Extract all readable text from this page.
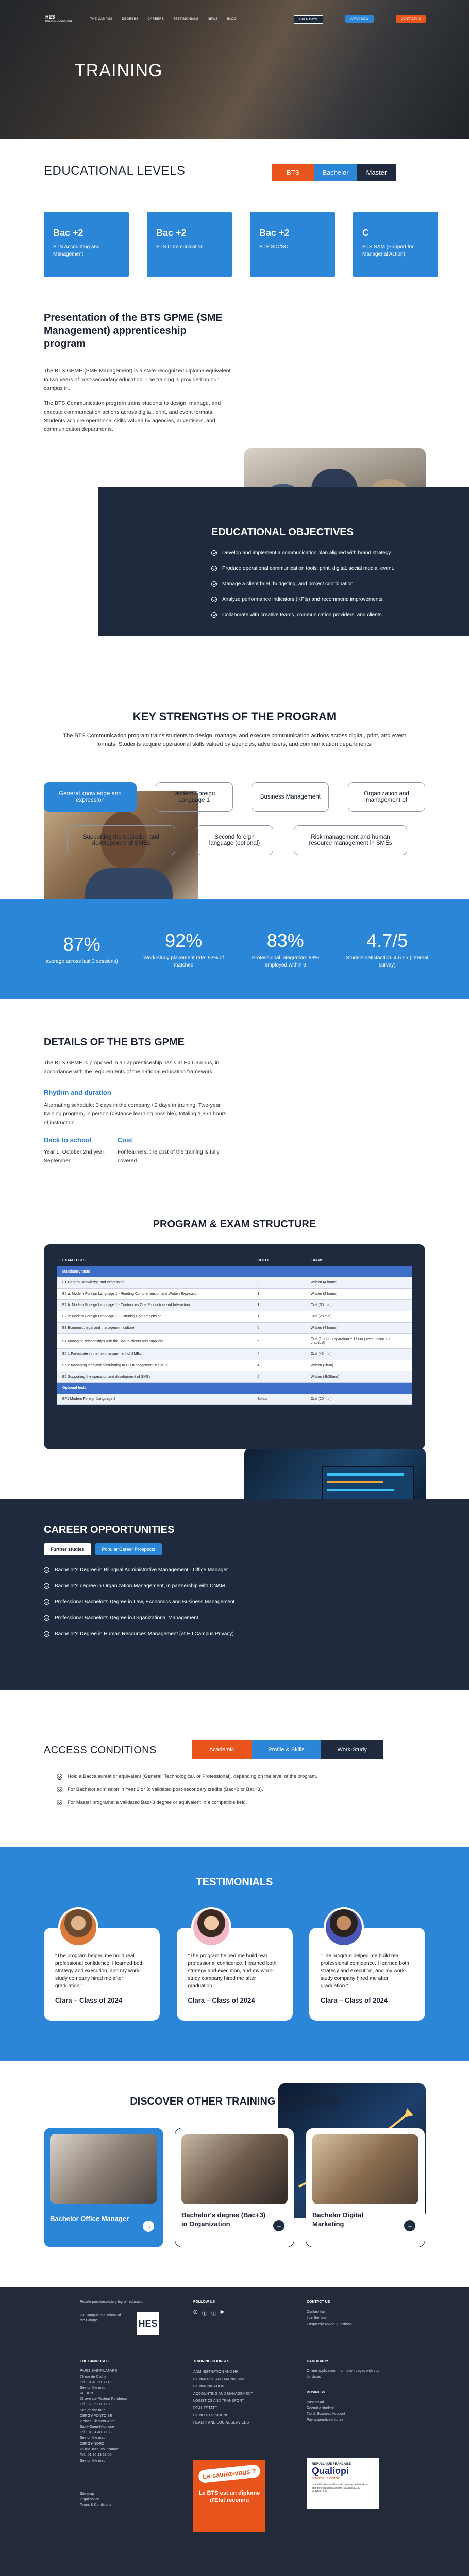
HES
HOLDEN EDUCATION
THE CAMPUS	DEGREES	CAREERS	TESTIMONIALS	NEWS	BLOG	OPEN DAYS	APPLY NOW	CONTACT US
TRAINING
EDUCATIONAL LEVELS	BTS	Bachelor	Master
Bac +2
BTS Accounting and Management
Bac +2
BTS Communication
Bac +2
BTS SIO/SC
C
BTS SAM (Support for Managerial Action)
Presentation of the BTS GPME (SME Management) apprenticeship program
The BTS GPME (SME Management) is a state-recognized diploma equivalent to two years of post-secondary education. The training is provided on our campus in.
The BTS Communication program trains students to design, manage, and execute communication actions across digital, print, and event formats. Students acquire operational skills valued by agencies, advertisers, and communication departments.
EDUCATIONAL OBJECTIVES
Develop and implement a communication plan aligned with brand strategy.
Produce operational communication tools: print, digital, social media, event.
Manage a client brief, budgeting, and project coordination.
Analyze performance indicators (KPIs) and recommend improvements.
Collaborate with creative teams, communication providers, and clients.
KEY STRENGTHS OF THE PROGRAM
The BTS Communication program trains students to design, manage, and execute communication actions across digital, print, and event formats. Students acquire operational skills valued by agencies, advertisers, and communication departments.
General knowledge and expression
Modern Foreign Language 1	Business Management	Organization and management of
Supporting the operation and development of SMEs
Second foreign language (optional)
Risk management and human resource management in SMEs
87%
average across last 3 sessions)
92%
Work-study placement rate: 92% of matched
83%
Professional integration: 83% employed within 6
4.7/5
Student satisfaction: 4.6 / 5 (internal survey)
DETAILS OF THE BTS GPME
The BTS GPME is proposed in an apprenticeship basis at HJ Campus, in accordance with the requirements of the national education framework.
Rhythm and duration
Alternating schedule: 3 days in the company / 2 days in training. Two-year training program, in person (distance learning possible), totaling 1,350 hours of instruction.
Back to school
Year 1: October 2nd year: September
Cost
For learners, the cost of the training is fully covered.
PROGRAM & EXAM STRUCTURE
EXAM TESTS	COEFF	EXAMS
Mandatory tests		
E1 General knowledge and expression	3	Written (4 hours)
E2 a: Modern Foreign Language 1 - Reading Comprehension and Written Expression	1	Written (2 hours)
E2 b: Modern Foreign Language 1 - Continuous Oral Production and Interaction	1	Oral (30 min)
E2 2: Modern Foreign Language 1 - Listening Comprehension	1	Oral (20 min)
E3 Economic, legal and management culture	6	Written (4 hours)
E4 Managing relationships with the SME's clients and suppliers	6	Oral (1 hour preparation + 1 hour presentation and practical)
E5 1 Participate in the risk management of SMEs	4	Oral (45 min)
E5 2 Managing staff and contributing to HR management in SMEs	4	Written (2h30)
E6 Supporting the operation and development of SMEs	6	Written (4h30min)
Optional tests		
EF1 Modern Foreign Language 2	Bonus	Oral (20 min)
CAREER OPPORTUNITIES
Further studies	Popular Career Prospects
Bachelor's Degree in Bilingual Administrative Management - Office Manager
Bachelor's degree in Organization Management, in partnership with CNAM
Professional Bachelor's Degree in Law, Economics and Business Management
Professional Bachelor's Degree in Organizational Management
Bachelor's Degree in Human Resources Management (at HJ Campus Privacy)
ACCESS CONDITIONS	Academic	Profile & Skills	Work-Study
Hold a Baccalaureat or equivalent (General, Technological, or Professional), depending on the level of the program.
For Bachelor admission in Year 3 or 3: validated post-secondary credits (Bac+2 or Bac+3).
For Master programs: a validated Bac+3 degree or equivalent in a compatible field.
TESTIMONIALS
"The program helped me build real professional confidence. I learned both strategy and execution, and my work-study company hired me after graduation."
Clara – Class of 2024
"The program helped me build real professional confidence. I learned both strategy and execution, and my work-study company hired me after graduation."
Clara – Class of 2024
"The program helped me build real professional confidence. I learned both strategy and execution, and my work-study company hired me after graduation."
Clara – Class of 2024
DISCOVER OTHER TRAINING PROGRAMS
Bachelor Office Manager
→
Bachelor's degree (Bac+3) in Organization	→
Bachelor Digital Marketing	→
Private post-secondary higher education
HJ Campus is a school of the Groupe	HES
FOLLOW US
◎ ⓕ ⓘ ▶
CONTACT US
Contact form
Join the team
Frequently Asked Questions
THE CAMPUSES
PARIS SAINT-LAZARE
79 rue de Clichy
Tel.: 01 40 30 30 40
See on the map
ROUEN
51 avenue Pasteur Rombeau
Tel.: 02 35 98 30 00
See on the map
CERGY-PONTOISE
2 place Clement-Ader
Saint-Ouen-l'Aumone
Tel.: 01 34 48 39 33
See on the map
CERGY-NORD
26 rue Jacques Ozanam
Tel.: 01 30 13 13 00
See on the map
TRAINING COURSES
ADMINISTRATION AND HR
COMMERCE AND MARKETING
COMMUNICATION
ACCOUNTING AND MANAGEMENT
LOGISTICS AND TRANSPORT
REAL ESTATE
COMPUTER SCIENCE
HEALTH AND SOCIAL SERVICES
CANDIDACY
Online application Information pages with tips for dates
BUSINESS
Post an ad
Recruit a student
Tax & Business Account
Pay apprenticeship tax
Site map
Legal notice
Terms & Conditions
Le saviez-vous ?
Le BTS est un diplome d'Etat reconnu
REPUBLIQUE FRANCAISE
Qualiopi
processus certifie
La certification qualite a ete delivree au titre de la categorie d'action suivante : ACTIONS DE FORMATION
